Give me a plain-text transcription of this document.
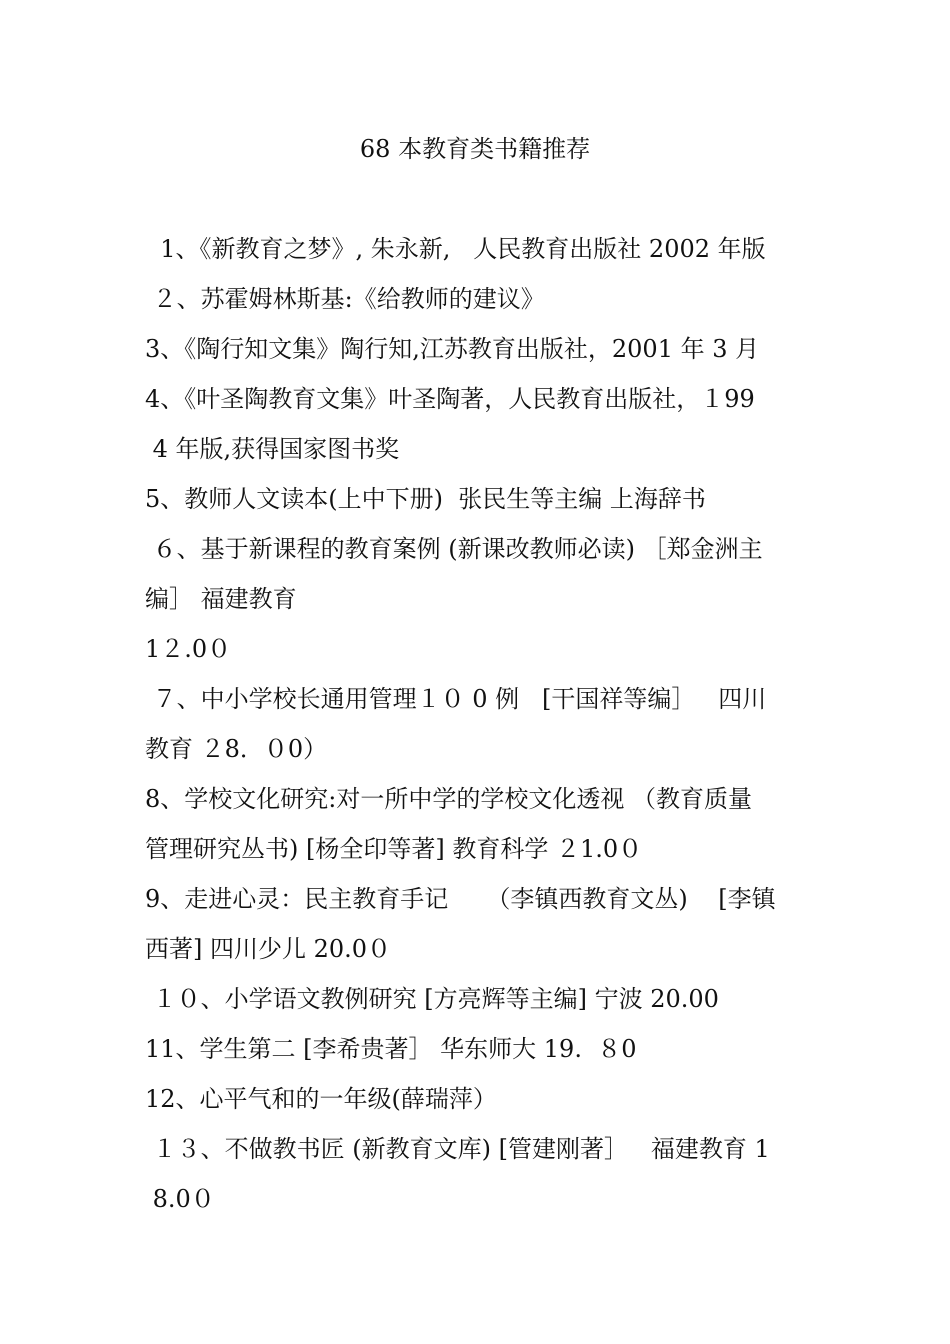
68 本教育类书籍推荐
1、《新教育之梦》, 朱永新,   人民教育出版社 2002 年版
２、苏霍姆林斯基:《给教师的建议》
3、《陶行知文集》陶行知,江苏教育出版社，2001 年 3 月
4、《叶圣陶教育文集》叶圣陶著，人民教育出版社，１99
4 年版,获得国家图书奖
5、教师人文读本(上中下册)  张民生等主编 上海辞书
６、基于新课程的教育案例 (新课改教师必读) ［郑金洲主
编］ 福建教育
1２.0０
７、中小学校长通用管理１０ 0 例   [干国祥等编］   四川
教育 ２8．０0）
8、学校文化研究:对一所中学的学校文化透视 （教育质量
管理研究丛书) [杨全印等著] 教育科学 ２1.0０
9、走进心灵：民主教育手记     （李镇西教育文丛)    [李镇
西著] 四川少儿 20.0０
１０、小学语文教例研究 [方亮辉等主编] 宁波 20.00
11、学生第二 [李希贵著］ 华东师大 19.  ８0
12、心平气和的一年级(薛瑞萍）
１３、不做教书匠 (新教育文库) [管建刚著］   福建教育 1
8.0０
